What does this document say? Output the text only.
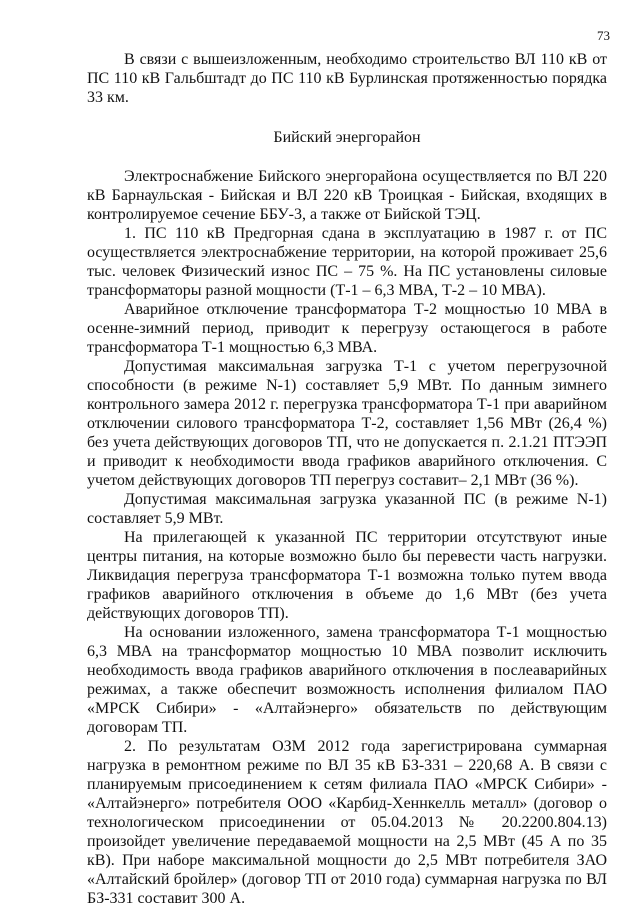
73

В связи с вышеизложенным, необходимо строительство ВЛ 110 кВ от ПС 110 кВ Гальбштадт до ПС 110 кВ Бурлинская протяженностью порядка 33 км.

Бийский энергорайон

Электроснабжение Бийского энергорайона осуществляется по ВЛ 220 кВ Барнаульская - Бийская и ВЛ 220 кВ Троицкая - Бийская, входящих в контролируемое сечение ББУ-3, а также от Бийской ТЭЦ.

1. ПС 110 кВ Предгорная сдана в эксплуатацию в 1987 г. от ПС осуществляется электроснабжение территории, на которой проживает 25,6 тыс. человек Физический износ ПС – 75 %. На ПС установлены силовые трансформаторы разной мощности (Т-1 – 6,3 МВА, Т-2 – 10 МВА).

Аварийное отключение трансформатора Т-2 мощностью 10 МВА в осенне-зимний период, приводит к перегрузу остающегося в работе трансформатора Т-1 мощностью 6,3 МВА.

Допустимая максимальная загрузка Т-1 с учетом перегрузочной способности (в режиме N-1) составляет 5,9 МВт. По данным зимнего контрольного замера 2012 г. перегрузка трансформатора Т-1 при аварийном отключении силового трансформатора Т-2, составляет 1,56 МВт (26,4 %) без учета действующих договоров ТП, что не допускается п. 2.1.21 ПТЭЭП и приводит к необходимости ввода графиков аварийного отключения. С учетом действующих договоров ТП перегруз составит– 2,1 МВт (36 %).

Допустимая максимальная загрузка указанной ПС (в режиме N-1) составляет 5,9 МВт.

На прилегающей к указанной ПС территории отсутствуют иные центры питания, на которые возможно было бы перевести часть нагрузки. Ликвидация перегруза трансформатора Т-1 возможна только путем ввода графиков аварийного отключения в объеме до 1,6 МВт (без учета действующих договоров ТП).

На основании изложенного, замена трансформатора Т-1 мощностью 6,3 МВА на трансформатор мощностью 10 МВА позволит исключить необходимость ввода графиков аварийного отключения в послеаварийных режимах, а также обеспечит возможность исполнения филиалом ПАО «МРСК Сибири» - «Алтайэнерго» обязательств по действующим договорам ТП.

2. По результатам ОЗМ 2012 года зарегистрирована суммарная нагрузка в ремонтном режиме по ВЛ 35 кВ БЗ-331 – 220,68 А. В связи с планируемым присоединением к сетям филиала ПАО «МРСК Сибири» - «Алтайэнерго» потребителя ООО «Карбид-Хеннкелль металл» (договор о технологическом присоединении от 05.04.2013 № 20.2200.804.13) произойдет увеличение передаваемой мощности на 2,5 МВт (45 А по 35 кВ). При наборе максимальной мощности до 2,5 МВт потребителя ЗАО «Алтайский бройлер» (договор ТП от 2010 года) суммарная нагрузка по ВЛ БЗ-331 составит 300 А.
